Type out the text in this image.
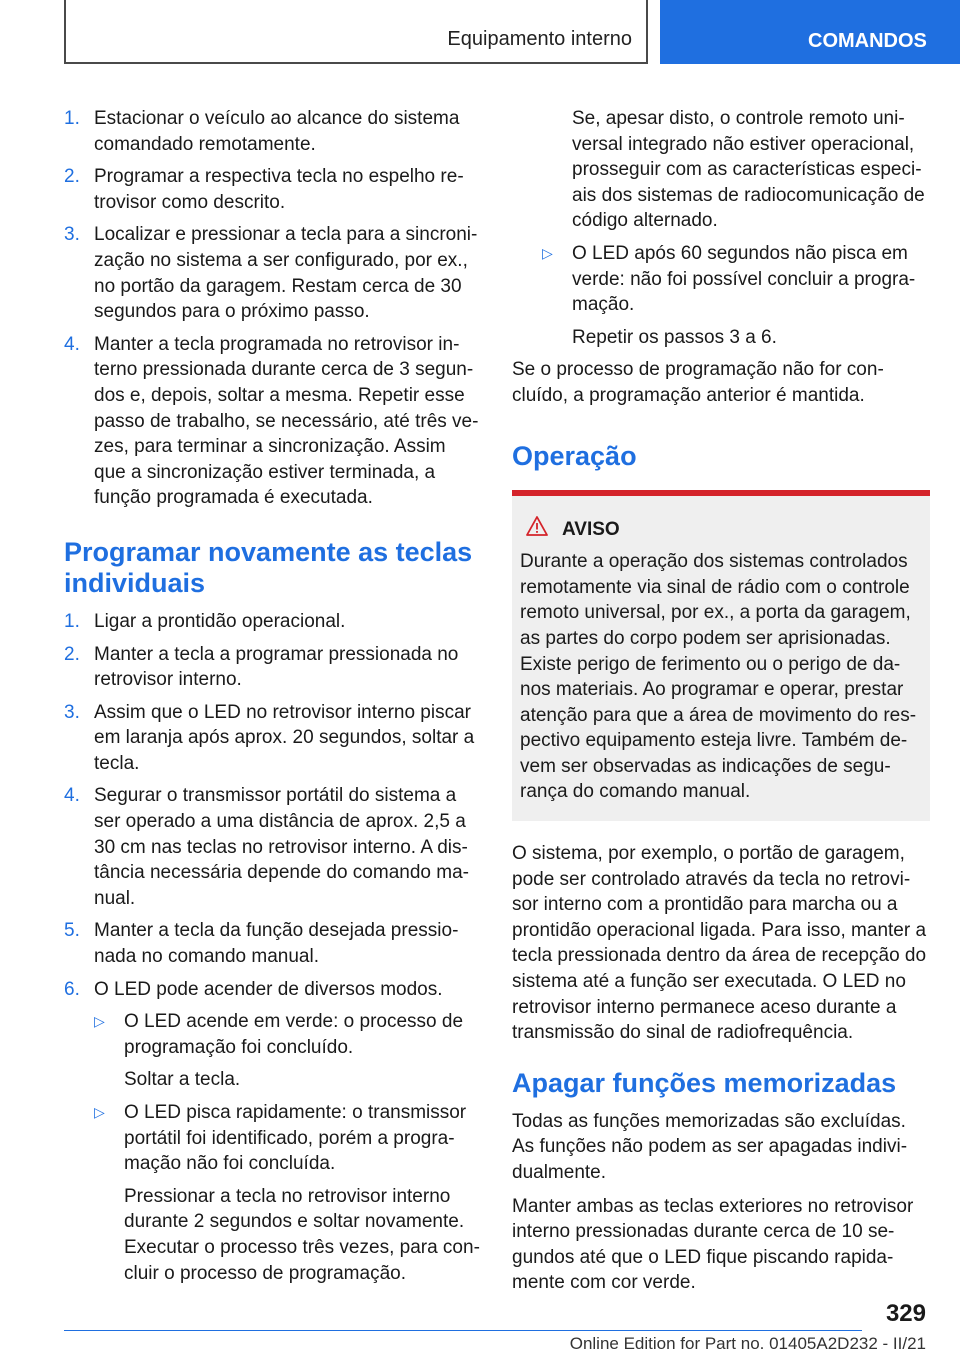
Equipamento interno	COMANDOS
1. Estacionar o veículo ao alcance do sistema comandado remotamente.

2. Programar a respectiva tecla no espelho retrovisor como descrito.

3. Localizar e pressionar a tecla para a sincronização no sistema a ser configurado, por ex., no portão da garagem. Restam cerca de 30 segundos para o próximo passo.

4. Manter a tecla programada no retrovisor interno pressionada durante cerca de 3 segundos e, depois, soltar a mesma. Repetir esse passo de trabalho, se necessário, até três vezes, para terminar a sincronização. Assim que a sincronização estiver terminada, a função programada é executada.

Programar novamente as teclas individuais
1. Ligar a prontidão operacional.

2. Manter a tecla a programar pressionada no retrovisor interno.

3. Assim que o LED no retrovisor interno piscar em laranja após aprox. 20 segundos, soltar a tecla.

4. Segurar o transmissor portátil do sistema a ser operado a uma distância de aprox. 2,5 a 30 cm nas teclas no retrovisor interno. A distância necessária depende do comando manual.

5. Manter a tecla da função desejada pressionada no comando manual.

6. O LED pode acender de diversos modos.

▷	O LED acende em verde: o processo de programação foi concluído.

Soltar a tecla.

▷	O LED pisca rapidamente: o transmissor portátil foi identificado, porém a programação não foi concluída.

Pressionar a tecla no retrovisor interno durante 2 segundos e soltar novamente. Executar o processo três vezes, para concluir o processo de programação.

Se, apesar disto, o controle remoto universal integrado não estiver operacional, prosseguir com as características especiais dos sistemas de radiocomunicação de código alternado.

▷	O LED após 60 segundos não pisca em verde: não foi possível concluir a programação.

Repetir os passos 3 a 6.

Se o processo de programação não for concluído, a programação anterior é mantida.

Operação
AVISO

Durante a operação dos sistemas controlados remotamente via sinal de rádio com o controle remoto universal, por ex., a porta da garagem, as partes do corpo podem ser aprisionadas. Existe perigo de ferimento ou o perigo de danos materiais. Ao programar e operar, prestar atenção para que a área de movimento do respectivo equipamento esteja livre. Também devem ser observadas as indicações de segurança do comando manual.

O sistema, por exemplo, o portão de garagem, pode ser controlado através da tecla no retrovisor interno com a prontidão para marcha ou a prontidão operacional ligada. Para isso, manter a tecla pressionada dentro da área de recepção do sistema até a função ser executada. O LED no retrovisor interno permanece aceso durante a transmissão do sinal de radiofrequência.

Apagar funções memorizadas

Todas as funções memorizadas são excluídas. As funções não podem as ser apagadas individualmente.

Manter ambas as teclas exteriores no retrovisor interno pressionadas durante cerca de 10 segundos até que o LED fique piscando rapidamente com cor verde.

329
Online Edition for Part no. 01405A2D232 - II/21
